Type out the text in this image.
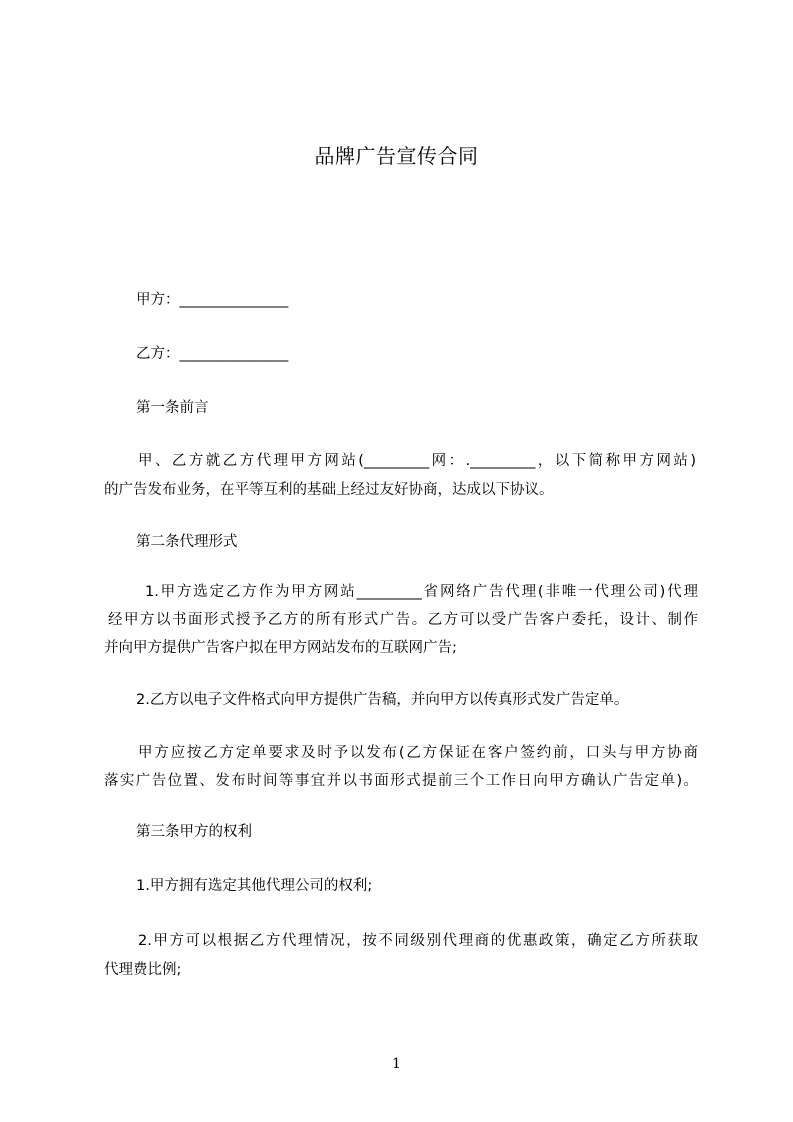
品牌广告宣传合同
甲方：_______________
乙方：_______________
第一条前言
甲、乙方就乙方代理甲方网站(_________网：._________，以下简称甲方网站)
的广告发布业务，在平等互利的基础上经过友好协商，达成以下协议。
第二条代理形式
1.甲方选定乙方作为甲方网站_________省网络广告代理(非唯一代理公司)代理
经甲方以书面形式授予乙方的所有形式广告。乙方可以受广告客户委托，设计、制作
并向甲方提供广告客户拟在甲方网站发布的互联网广告;
2.乙方以电子文件格式向甲方提供广告稿，并向甲方以传真形式发广告定单。
甲方应按乙方定单要求及时予以发布(乙方保证在客户签约前，口头与甲方协商
落实广告位置、发布时间等事宜并以书面形式提前三个工作日向甲方确认广告定单)。
第三条甲方的权利
1.甲方拥有选定其他代理公司的权利;
2.甲方可以根据乙方代理情况，按不同级别代理商的优惠政策，确定乙方所获取
代理费比例;
1
